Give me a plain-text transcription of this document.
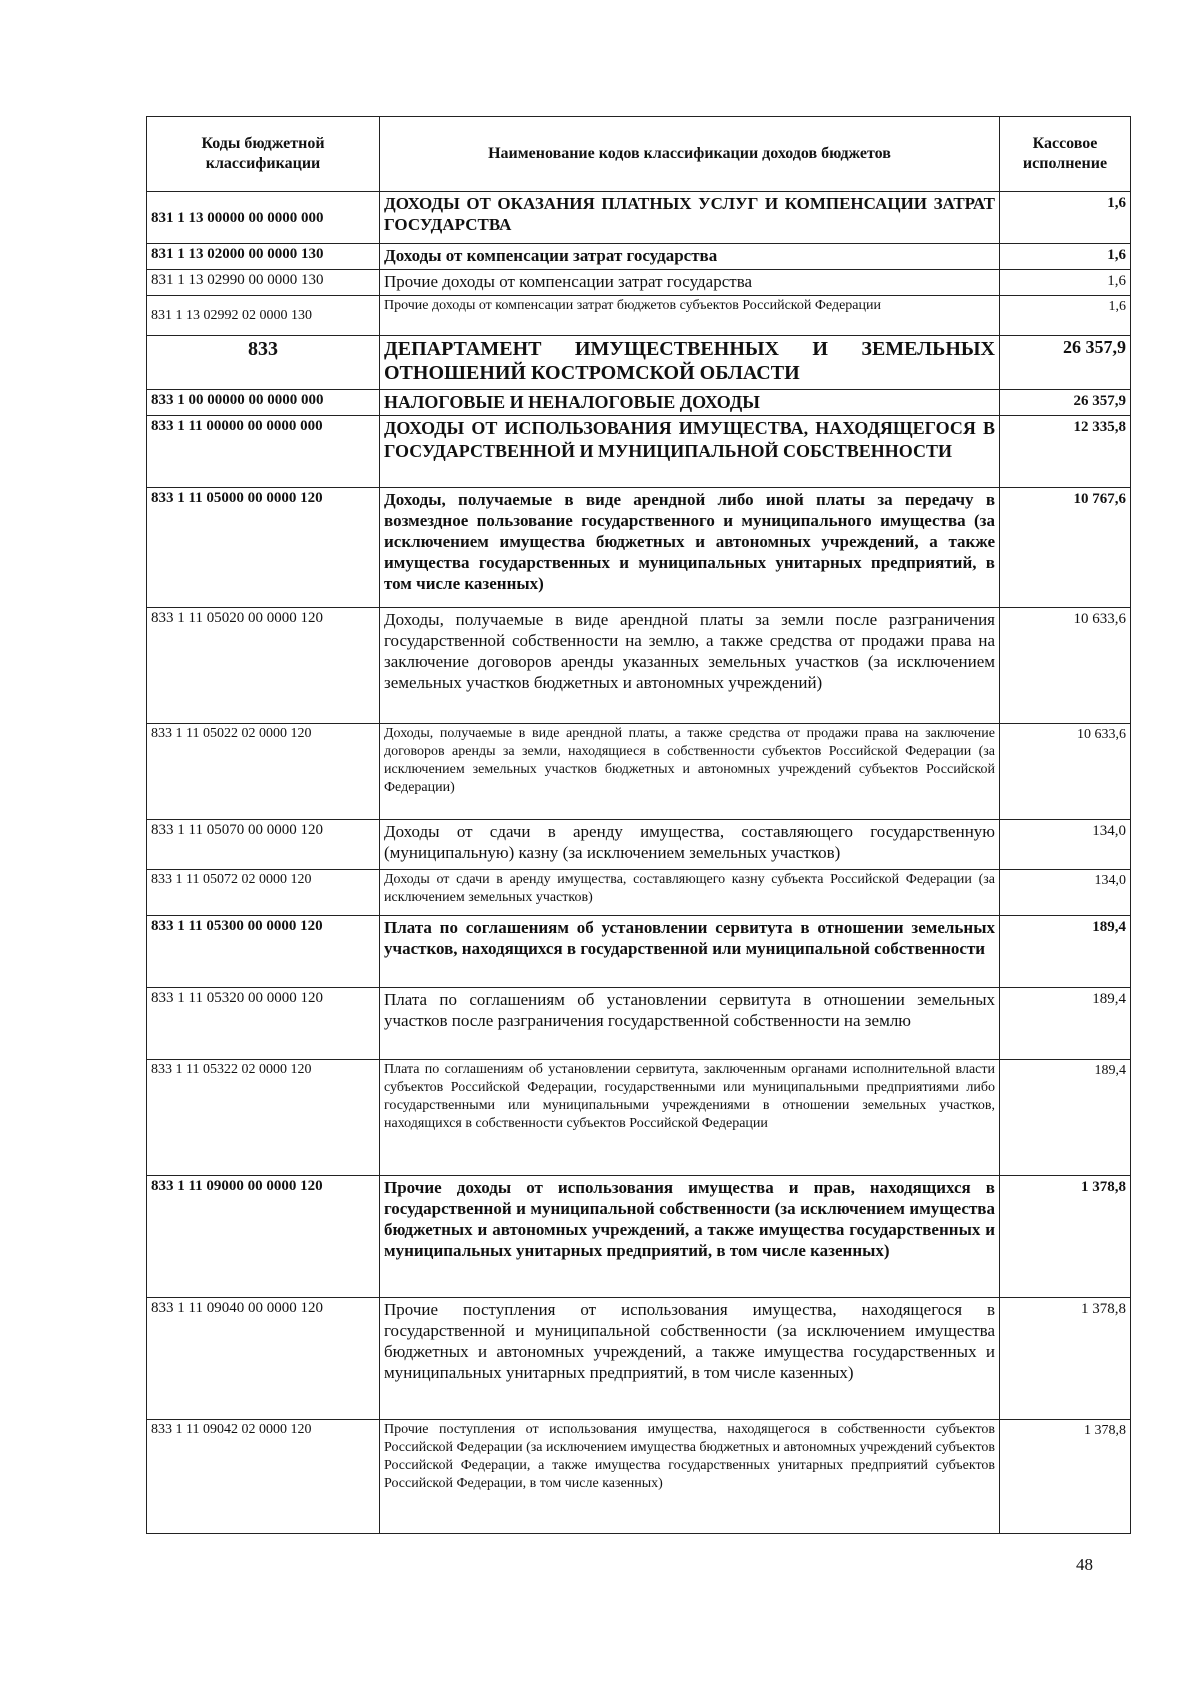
Коды бюджетной классификации	Наименование кодов классификации доходов бюджетов	Кассовое исполнение
831 1 13 00000 00 0000 000	ДОХОДЫ ОТ ОКАЗАНИЯ ПЛАТНЫХ УСЛУГ И КОМПЕНСАЦИИ ЗАТРАТ ГОСУДАРСТВА	1,6
831 1 13 02000 00 0000 130	Доходы от компенсации затрат государства	1,6
831 1 13 02990 00 0000 130	Прочие доходы от компенсации затрат государства	1,6
831 1 13 02992 02 0000 130	Прочие доходы от компенсации затрат бюджетов субъектов Российской Федерации	1,6
833	ДЕПАРТАМЕНТ ИМУЩЕСТВЕННЫХ И ЗЕМЕЛЬНЫХ ОТНОШЕНИЙ КОСТРОМСКОЙ ОБЛАСТИ	26 357,9
833 1 00 00000 00 0000 000	НАЛОГОВЫЕ И НЕНАЛОГОВЫЕ ДОХОДЫ	26 357,9
833 1 11 00000 00 0000 000	ДОХОДЫ ОТ ИСПОЛЬЗОВАНИЯ ИМУЩЕСТВА, НАХОДЯЩЕГОСЯ В ГОСУДАРСТВЕННОЙ И МУНИЦИПАЛЬНОЙ СОБСТВЕННОСТИ	12 335,8
833 1 11 05000 00 0000 120	Доходы, получаемые в виде арендной либо иной платы за передачу в возмездное пользование государственного и муниципального имущества (за исключением имущества бюджетных и автономных учреждений, а также имущества государственных и муниципальных унитарных предприятий, в том числе казенных)	10 767,6
833 1 11 05020 00 0000 120	Доходы, получаемые в виде арендной платы за земли после разграничения государственной собственности на землю, а также средства от продажи права на заключение договоров аренды указанных земельных участков (за исключением земельных участков бюджетных и автономных учреждений)	10 633,6
833 1 11 05022 02 0000 120	Доходы, получаемые в виде арендной платы, а также средства от продажи права на заключение договоров аренды за земли, находящиеся в собственности субъектов Российской Федерации (за исключением земельных участков бюджетных и автономных учреждений субъектов Российской Федерации)	10 633,6
833 1 11 05070 00 0000 120	Доходы от сдачи в аренду имущества, составляющего государственную (муниципальную) казну (за исключением земельных участков)	134,0
833 1 11 05072 02 0000 120	Доходы от сдачи в аренду имущества, составляющего казну субъекта Российской Федерации (за исключением земельных участков)	134,0
833 1 11 05300 00 0000 120	Плата по соглашениям об установлении сервитута в отношении земельных участков, находящихся в государственной или муниципальной собственности	189,4
833 1 11 05320 00 0000 120	Плата по соглашениям об установлении сервитута в отношении земельных участков после разграничения государственной собственности на землю	189,4
833 1 11 05322 02 0000 120	Плата по соглашениям об установлении сервитута, заключенным органами исполнительной власти субъектов Российской Федерации, государственными или муниципальными предприятиями либо государственными или муниципальными учреждениями в отношении земельных участков, находящихся в собственности субъектов Российской Федерации	189,4
833 1 11 09000 00 0000 120	Прочие доходы от использования имущества и прав, находящихся в государственной и муниципальной собственности (за исключением имущества бюджетных и автономных учреждений, а также имущества государственных и муниципальных унитарных предприятий, в том числе казенных)	1 378,8
833 1 11 09040 00 0000 120	Прочие поступления от использования имущества, находящегося в государственной и муниципальной собственности (за исключением имущества бюджетных и автономных учреждений, а также имущества государственных и муниципальных унитарных предприятий, в том числе казенных)	1 378,8
833 1 11 09042 02 0000 120	Прочие поступления от использования имущества, находящегося в собственности субъектов Российской Федерации (за исключением имущества бюджетных и автономных учреждений субъектов Российской Федерации, а также имущества государственных унитарных предприятий субъектов Российской Федерации, в том числе казенных)	1 378,8
48
